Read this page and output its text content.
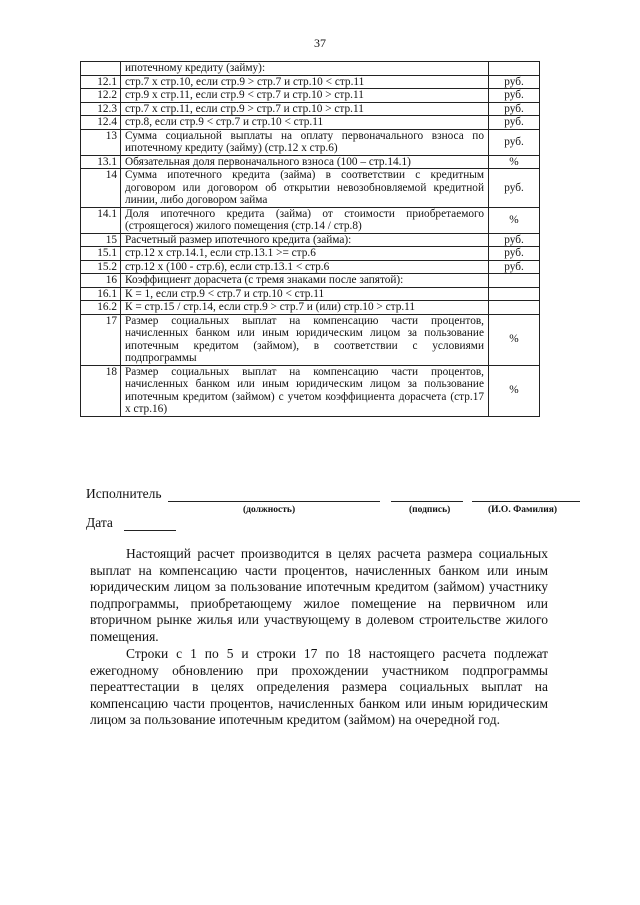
37
	ипотечному кредиту (займу):	
12.1	стр.7 х стр.10, если стр.9 > стр.7 и стр.10 < стр.11	руб.
12.2	стр.9 х стр.11, если стр.9 < стр.7 и стр.10 > стр.11	руб.
12.3	стр.7 х стр.11, если стр.9 > стр.7 и стр.10 > стр.11	руб.
12.4	стр.8, если стр.9 < стр.7 и стр.10 < стр.11	руб.
13	Сумма социальной выплаты на оплату первоначального взноса по ипотечному кредиту (займу) (стр.12 х стр.6)	руб.
13.1	Обязательная доля первоначального взноса (100 – стр.14.1)	%
14	Сумма ипотечного кредита (займа) в соответствии с кредитным договором или договором об открытии невозобновляемой кредитной линии, либо договором займа	руб.
14.1	Доля ипотечного кредита (займа) от стоимости приобретаемого (строящегося) жилого помещения (стр.14 / стр.8)	%
15	Расчетный размер ипотечного кредита (займа):	руб.
15.1	стр.12 х стр.14.1, если стр.13.1 >= стр.6	руб.
15.2	стр.12 х (100 - стр.6), если стр.13.1 < стр.6	руб.
16	Коэффициент дорасчета (с тремя знаками после запятой):	
16.1	К = 1, если стр.9 < стр.7 и стр.10 < стр.11	
16.2	К = стр.15 / стр.14, если стр.9 > стр.7 и (или) стр.10 > стр.11	
17	Размер социальных выплат на компенсацию части процентов, начисленных банком или иным юридическим лицом за пользование ипотечным кредитом (займом), в соответствии с условиями подпрограммы	%
18	Размер социальных выплат на компенсацию части процентов, начисленных банком или иным юридическим лицом за пользование ипотечным кредитом (займом) с учетом коэффициента дорасчета (стр.17 х стр.16)	%
Исполнитель
(должность)	(подпись)	(И.О. Фамилия)
Дата

Настоящий расчет производится в целях расчета размера социальных выплат на компенсацию части процентов, начисленных банком или иным юридическим лицом за пользование ипотечным кредитом (займом) участнику подпрограммы, приобретающему жилое помещение на первичном или вторичном рынке жилья или участвующему в долевом строительстве жилого помещения.

Строки с 1 по 5 и строки 17 по 18 настоящего расчета подлежат ежегодному обновлению при прохождении участником подпрограммы переаттестации в целях определения размера социальных выплат на компенсацию части процентов, начисленных банком или иным юридическим лицом за пользование ипотечным кредитом (займом) на очередной год.
